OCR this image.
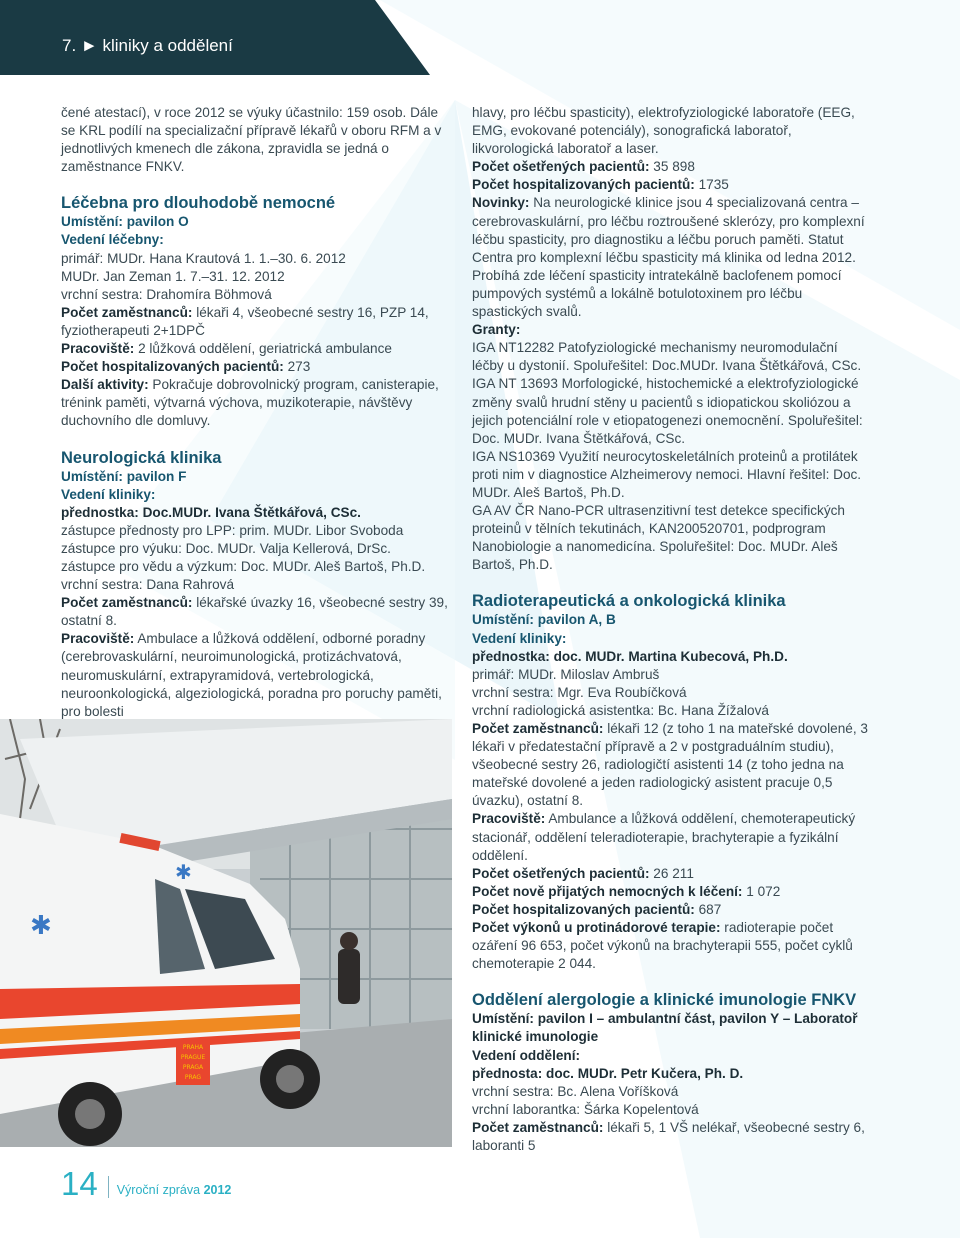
7. ► kliniky a oddělení

čené atestací), v roce 2012 se výuky účastnilo: 159 osob. Dále se KRL podílí na specializační přípravě lékařů v oboru RFM a v jednotlivých kmenech dle zákona, zpravidla se jedná o zaměstnance FNKV.

Léčebna pro dlouhodobě nemocné

Umístění: pavilon O

Vedení léčebny:

primář: MUDr. Hana Krautová 1. 1.–30. 6. 2012

MUDr. Jan Zeman 1. 7.–31. 12. 2012

vrchní sestra: Drahomíra Böhmová

Počet zaměstnanců: lékaři 4, všeobecné sestry 16, PZP 14, fyziotherapeuti 2+1DPČ

Pracoviště: 2 lůžková oddělení, geriatrická ambulance

Počet hospitalizovaných pacientů: 273

Další aktivity: Pokračuje dobrovolnický program, canisterapie, trénink paměti, výtvarná výchova, muzikoterapie, návštěvy duchovního dle domluvy.

Neurologická klinika

Umístění: pavilon F

Vedení kliniky:

přednostka: Doc.MUDr. Ivana Štětkářová, CSc.

zástupce přednosty pro LPP: prim. MUDr. Libor Svoboda

zástupce pro výuku: Doc. MUDr. Valja Kellerová, DrSc.

zástupce pro vědu a výzkum: Doc. MUDr. Aleš Bartoš, Ph.D.

vrchní sestra: Dana Rahrová

Počet zaměstnanců: lékařské úvazky 16, všeobecné sestry 39, ostatní 8.

Pracoviště: Ambulace a lůžková oddělení, odborné poradny (cerebrovaskulární, neuroimunologická, protizáchvatová, neuromuskulární, extrapyramidová, vertebrologická, neuroonkologická, algeziologická, poradna pro poruchy paměti, pro bolesti

hlavy, pro léčbu spasticity), elektrofyziologické laboratoře (EEG, EMG, evokované potenciály), sonografická laboratoř, likvorologická laboratoř a laser.

Počet ošetřených pacientů: 35 898

Počet hospitalizovaných pacientů: 1735

Novinky: Na neurologické klinice jsou 4 specializovaná centra – cerebrovaskulární, pro léčbu roztroušené sklerózy, pro komplexní léčbu spasticity, pro diagnostiku a léčbu poruch paměti. Statut Centra pro komplexní léčbu spasticity má klinika od ledna 2012. Probíhá zde léčení spasticity intratekálně baclofenem pomocí pumpových systémů a lokálně botulotoxinem pro léčbu spastických svalů.

Granty:

IGA NT12282 Patofyziologické mechanismy neuromodulační léčby u dystonií. Spoluřešitel: Doc.MUDr. Ivana Štětkářová, CSc.

IGA NT 13693 Morfologické, histochemické a elektrofyziologické změny svalů hrudní stěny u pacientů s idiopatickou skoliózou a jejich potenciální role v etiopatogenezi onemocnění. Spoluřešitel: Doc. MUDr. Ivana Štětkářová, CSc.

IGA NS10369 Využití neurocytoskeletálních proteinů a protilátek proti nim v diagnostice Alzheimerovy nemoci. Hlavní řešitel: Doc. MUDr. Aleš Bartoš, Ph.D.

GA AV ČR Nano-PCR ultrasenzitivní test detekce specifických proteinů v tělních tekutinách, KAN200520701, podprogram Nanobiologie a nanomedicína. Spoluřešitel: Doc. MUDr. Aleš Bartoš, Ph.D.

Radioterapeutická a onkologická klinika

Umístění: pavilon A, B

Vedení kliniky:

přednostka: doc. MUDr. Martina Kubecová, Ph.D.

primář: MUDr. Miloslav Ambruš

vrchní sestra: Mgr. Eva Roubíčková

vrchní radiologická asistentka: Bc. Hana Žížalová

Počet zaměstnanců: lékaři 12 (z toho 1 na mateřské dovolené, 3 lékaři v předatestační přípravě a 2 v postgraduálním studiu), všeobecné sestry 26, radiologičtí asistenti 14 (z toho jedna na mateřské dovolené a jeden radiologický asistent pracuje 0,5 úvazku), ostatní 8.

Pracoviště: Ambulance a lůžková oddělení, chemoterapeutický stacionář, oddělení teleradioterapie, brachyterapie a fyzikální oddělení.

Počet ošetřených pacientů: 26 211

Počet nově přijatých nemocných k léčení: 1 072

Počet hospitalizovaných pacientů: 687

Počet výkonů u protinádorové terapie: radioterapie počet ozáření 96 653, počet výkonů na brachyterapii 555, počet cyklů chemoterapie 2 044.

Oddělení alergologie a klinické imunologie FNKV

Umístění: pavilon I – ambulantní část, pavilon Y – Laboratoř klinické imunologie

Vedení oddělení:

přednosta: doc. MUDr. Petr Kučera, Ph. D.

vrchní sestra: Bc. Alena Voříšková

vrchní laborantka: Šárka Kopelentová

Počet zaměstnanců: lékaři 5, 1 VŠ nelékař, všeobecné sestry 6, laboranti 5

✱
✱
PRAHA PRAGUE PRAGA PRAG
14 Výroční zpráva 2012
